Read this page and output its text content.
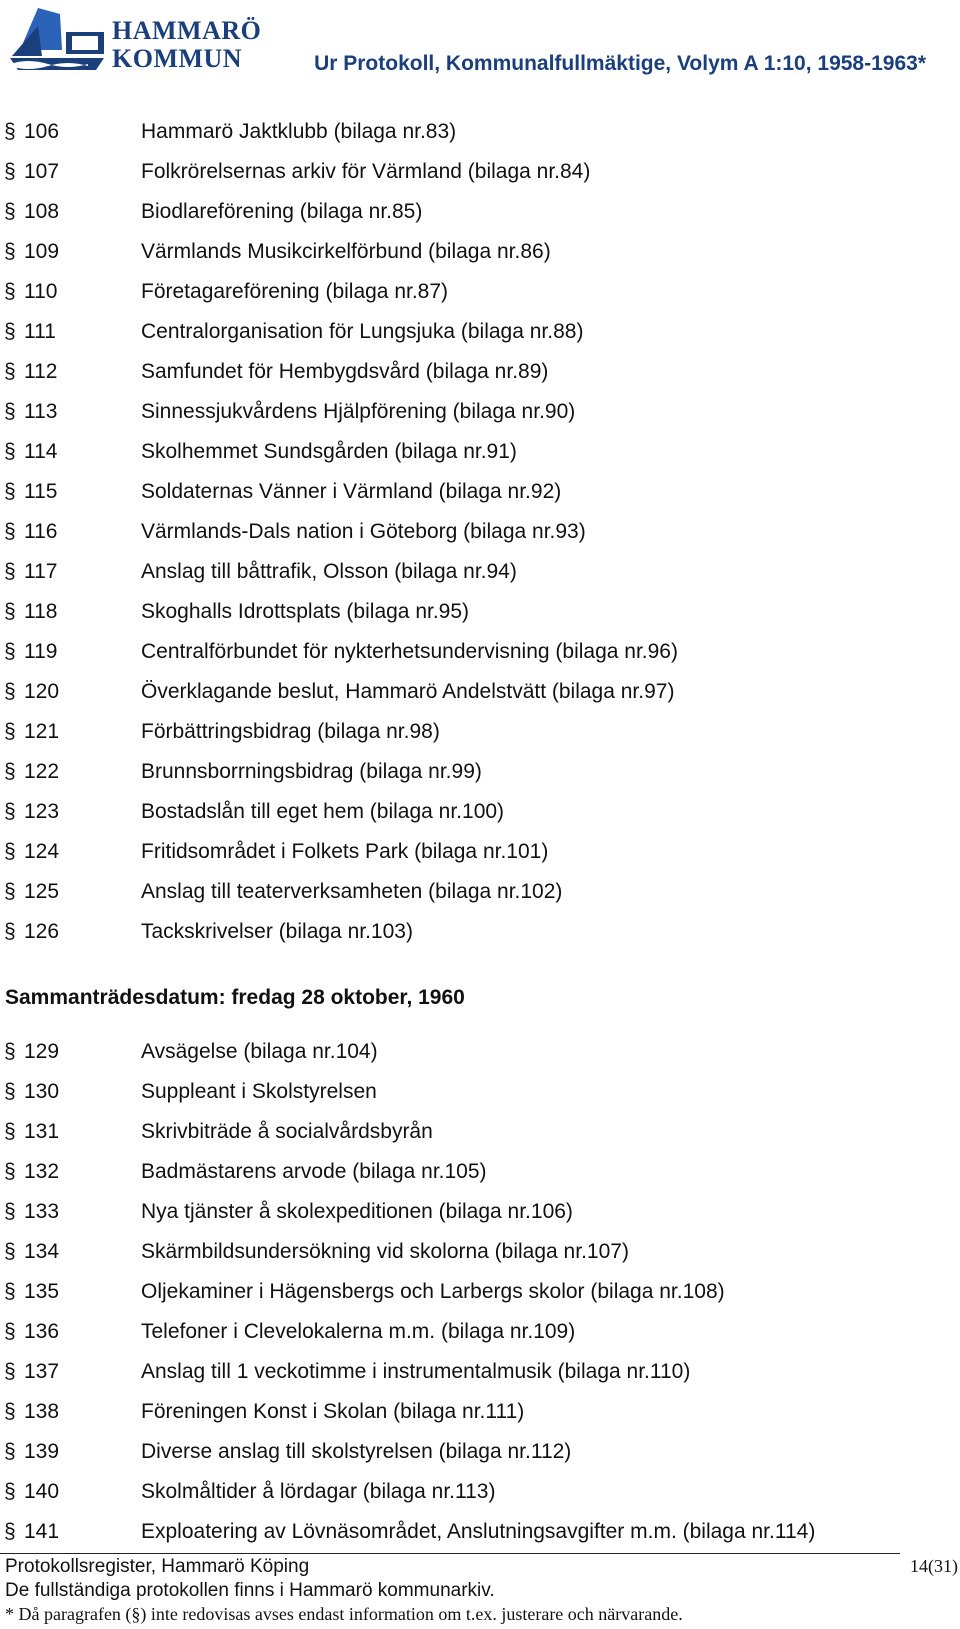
HAMMARÖ
KOMMUN	Ur Protokoll, Kommunalfullmäktige, Volym A 1:10, 1958-1963*
§ 106	Hammarö Jaktklubb (bilaga nr.83)
§ 107	Folkrörelsernas arkiv för Värmland (bilaga nr.84)
§ 108	Biodlareförening (bilaga nr.85)
§ 109	Värmlands Musikcirkelförbund (bilaga nr.86)
§ 110	Företagareförening (bilaga nr.87)
§ 111	Centralorganisation för Lungsjuka (bilaga nr.88)
§ 112	Samfundet för Hembygdsvård (bilaga nr.89)
§ 113	Sinnessjukvårdens Hjälpförening (bilaga nr.90)
§ 114	Skolhemmet Sundsgården (bilaga nr.91)
§ 115	Soldaternas Vänner i Värmland (bilaga nr.92)
§ 116	Värmlands-Dals nation i Göteborg (bilaga nr.93)
§ 117	Anslag till båttrafik, Olsson (bilaga nr.94)
§ 118	Skoghalls Idrottsplats (bilaga nr.95)
§ 119	Centralförbundet för nykterhetsundervisning (bilaga nr.96)
§ 120	Överklagande beslut, Hammarö Andelstvätt (bilaga nr.97)
§ 121	Förbättringsbidrag (bilaga nr.98)
§ 122	Brunnsborrningsbidrag (bilaga nr.99)
§ 123	Bostadslån till eget hem (bilaga nr.100)
§ 124	Fritidsområdet i Folkets Park (bilaga nr.101)
§ 125	Anslag till teaterverksamheten (bilaga nr.102)
§ 126	Tackskrivelser (bilaga nr.103)
Sammanträdesdatum: fredag 28 oktober, 1960
§ 129	Avsägelse (bilaga nr.104)
§ 130	Suppleant i Skolstyrelsen
§ 131	Skrivbiträde å socialvårdsbyrån
§ 132	Badmästarens arvode (bilaga nr.105)
§ 133	Nya tjänster å skolexpeditionen (bilaga nr.106)
§ 134	Skärmbildsundersökning vid skolorna (bilaga nr.107)
§ 135	Oljekaminer i Hägensbergs och Larbergs skolor (bilaga nr.108)
§ 136	Telefoner i Clevelokalerna m.m. (bilaga nr.109)
§ 137	Anslag till 1 veckotimme i instrumentalmusik (bilaga nr.110)
§ 138	Föreningen Konst i Skolan (bilaga nr.111)
§ 139	Diverse anslag till skolstyrelsen (bilaga nr.112)
§ 140	Skolmåltider å lördagar (bilaga nr.113)
§ 141	Exploatering av Lövnäsområdet, Anslutningsavgifter m.m. (bilaga nr.114)
Protokollsregister, Hammarö Köping
De fullständiga protokollen finns i Hammarö kommunarkiv.
* Då paragrafen (§) inte redovisas avses endast information om t.ex. justerare och närvarande.
14(31)
